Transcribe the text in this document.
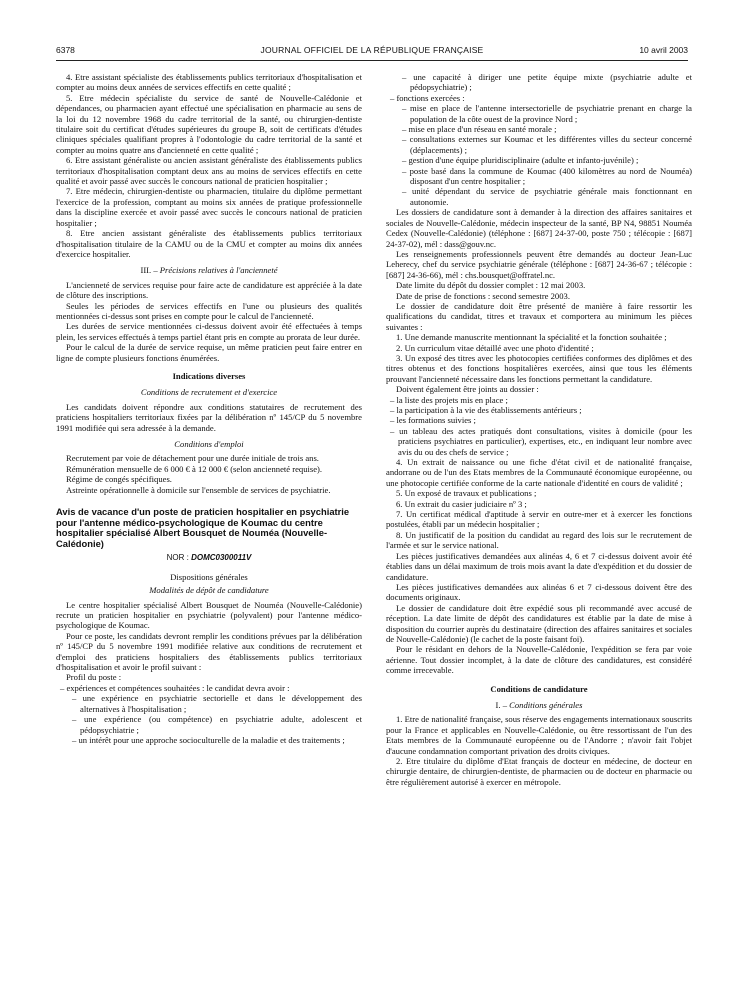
6378	JOURNAL OFFICIEL DE LA RÉPUBLIQUE FRANÇAISE	10 avril 2003

4. Etre assistant spécialiste des établissements publics territoriaux d'hospitalisation et compter au moins deux années de services effectifs en cette qualité ;

5. Etre médecin spécialiste du service de santé de Nouvelle-Calédonie et dépendances, ou pharmacien ayant effectué une spécialisation en pharmacie au sens de la loi du 12 novembre 1968 du cadre territorial de la santé, ou chirurgien-dentiste titulaire soit du certificat d'études supérieures du groupe B, soit de certificats d'études cliniques spéciales qualifiant propres à l'odontologie du cadre territorial de la santé et compter au moins quatre ans d'ancienneté en cette qualité ;

6. Etre assistant généraliste ou ancien assistant généraliste des établissements publics territoriaux d'hospitalisation comptant deux ans au moins de services effectifs en cette qualité et avoir passé avec succès le concours national de praticien hospitalier ;

7. Etre médecin, chirurgien-dentiste ou pharmacien, titulaire du diplôme permettant l'exercice de la profession, comptant au moins six années de pratique professionnelle dans la discipline exercée et avoir passé avec succès le concours national de praticien hospitalier ;

8. Etre ancien assistant généraliste des établissements publics territoriaux d'hospitalisation titulaire de la CAMU ou de la CMU et compter au moins dix années d'exercice hospitalier.

III. – Précisions relatives à l'ancienneté

L'ancienneté de services requise pour faire acte de candidature est appréciée à la date de clôture des inscriptions.

Seules les périodes de services effectifs en l'une ou plusieurs des qualités mentionnées ci-dessus sont prises en compte pour le calcul de l'ancienneté.

Les durées de service mentionnées ci-dessus doivent avoir été effectuées à temps plein, les services effectués à temps partiel étant pris en compte au prorata de leur durée.

Pour le calcul de la durée de service requise, un même praticien peut faire entrer en ligne de compte plusieurs fonctions énumérées.

Indications diverses
Conditions de recrutement et d'exercice

Les candidats doivent répondre aux conditions statutaires de recrutement des praticiens hospitaliers territoriaux fixées par la délibération nº 145/CP du 5 novembre 1991 modifiée qui sera adressée à la demande.

Conditions d'emploi

Recrutement par voie de détachement pour une durée initiale de trois ans.

Rémunération mensuelle de 6 000 € à 12 000 € (selon ancienneté requise).

Régime de congés spécifiques.

Astreinte opérationnelle à domicile sur l'ensemble de services de psychiatrie.

Avis de vacance d'un poste de praticien hospitalier en psychiatrie pour l'antenne médico-psychologique de Koumac du centre hospitalier spécialisé Albert Bousquet de Nouméa (Nouvelle-Calédonie)
NOR : DOMC0300011V
Dispositions générales
Modalités de dépôt de candidature

Le centre hospitalier spécialisé Albert Bousquet de Nouméa (Nouvelle-Calédonie) recrute un praticien hospitalier en psychiatrie (polyvalent) pour l'antenne médico-psychologique de Koumac.

Pour ce poste, les candidats devront remplir les conditions prévues par la délibération nº 145/CP du 5 novembre 1991 modifiée relative aux conditions de recrutement et d'emploi des praticiens hospitaliers des établissements publics territoriaux d'hospitalisation et avoir le profil suivant :

Profil du poste :

– expériences et compétences souhaitées : le candidat devra avoir :

– une expérience en psychiatrie sectorielle et dans le développement des alternatives à l'hospitalisation ;

– une expérience (ou compétence) en psychiatrie adulte, adolescent et pédopsychiatrie ;

– un intérêt pour une approche socioculturelle de la maladie et des traitements ;

– une capacité à diriger une petite équipe mixte (psychiatrie adulte et pédopsychiatrie) ;

– fonctions exercées :

– mise en place de l'antenne intersectorielle de psychiatrie prenant en charge la population de la côte ouest de la province Nord ;

– mise en place d'un réseau en santé morale ;

– consultations externes sur Koumac et les différentes villes du secteur concerné (déplacements) ;

– gestion d'une équipe pluridisciplinaire (adulte et infanto-juvénile) ;

– poste basé dans la commune de Koumac (400 kilomètres au nord de Nouméa) disposant d'un centre hospitalier ;

– unité dépendant du service de psychiatrie générale mais fonctionnant en autonomie.

Les dossiers de candidature sont à demander à la direction des affaires sanitaires et sociales de Nouvelle-Calédonie, médecin inspecteur de la santé, BP N4, 98851 Nouméa Cedex (Nouvelle-Calédonie) (téléphone : [687] 24-37-00, poste 750 ; télécopie : [687] 24-37-02), mél : dass@gouv.nc.

Les renseignements professionnels peuvent être demandés au docteur Jean-Luc Leherecy, chef du service psychiatrie générale (téléphone : [687] 24-36-67 ; télécopie : [687] 24-36-66), mél : chs.bousquet@offratel.nc.

Date limite du dépôt du dossier complet : 12 mai 2003.

Date de prise de fonctions : second semestre 2003.

Le dossier de candidature doit être présenté de manière à faire ressortir les qualifications du candidat, titres et travaux et comportera au minimum les pièces suivantes :

1. Une demande manuscrite mentionnant la spécialité et la fonction souhaitée ;

2. Un curriculum vitae détaillé avec une photo d'identité ;

3. Un exposé des titres avec les photocopies certifiées conformes des diplômes et des titres obtenus et des fonctions hospitalières exercées, ainsi que tous les éléments prouvant l'ancienneté nécessaire dans les fonctions permettant la candidature.

Doivent également être joints au dossier :

– la liste des projets mis en place ;

– la participation à la vie des établissements antérieurs ;

– les formations suivies ;

– un tableau des actes pratiqués dont consultations, visites à domicile (pour les praticiens psychiatres en particulier), expertises, etc., en indiquant leur nombre avec avis du ou des chefs de service ;

4. Un extrait de naissance ou une fiche d'état civil et de nationalité française, andorrane ou de l'un des Etats membres de la Communauté économique européenne, ou une photocopie certifiée conforme de la carte nationale d'identité en cours de validité ;

5. Un exposé de travaux et publications ;

6. Un extrait du casier judiciaire nº 3 ;

7. Un certificat médical d'aptitude à servir en outre-mer et à exercer les fonctions postulées, établi par un médecin hospitalier ;

8. Un justificatif de la position du candidat au regard des lois sur le recrutement de l'armée et sur le service national.

Les pièces justificatives demandées aux alinéas 4, 6 et 7 ci-dessus doivent avoir été établies dans un délai maximum de trois mois avant la date d'expédition et du dossier de candidature.

Les pièces justificatives demandées aux alinéas 6 et 7 ci-dessous doivent être des documents originaux.

Le dossier de candidature doit être expédié sous pli recommandé avec accusé de réception. La date limite de dépôt des candidatures est établie par la date de mise à disposition du courrier auprès du destinataire (direction des affaires sanitaires et sociales de Nouvelle-Calédonie) (le cachet de la poste faisant foi).

Pour le résidant en dehors de la Nouvelle-Calédonie, l'expédition se fera par voie aérienne. Tout dossier incomplet, à la date de clôture des candidatures, est considéré comme irrecevable.

Conditions de candidature
I. – Conditions générales

1. Etre de nationalité française, sous réserve des engagements internationaux souscrits pour la France et applicables en Nouvelle-Calédonie, ou être ressortissant de l'un des Etats membres de la Communauté européenne ou de l'Andorre ; n'avoir fait l'objet d'aucune condamnation comportant privation des droits civiques.

2. Etre titulaire du diplôme d'Etat français de docteur en médecine, de docteur en chirurgie dentaire, de chirurgien-dentiste, de pharmacien ou de docteur en pharmacie ou être régulièrement autorisé à exercer en métropole.
